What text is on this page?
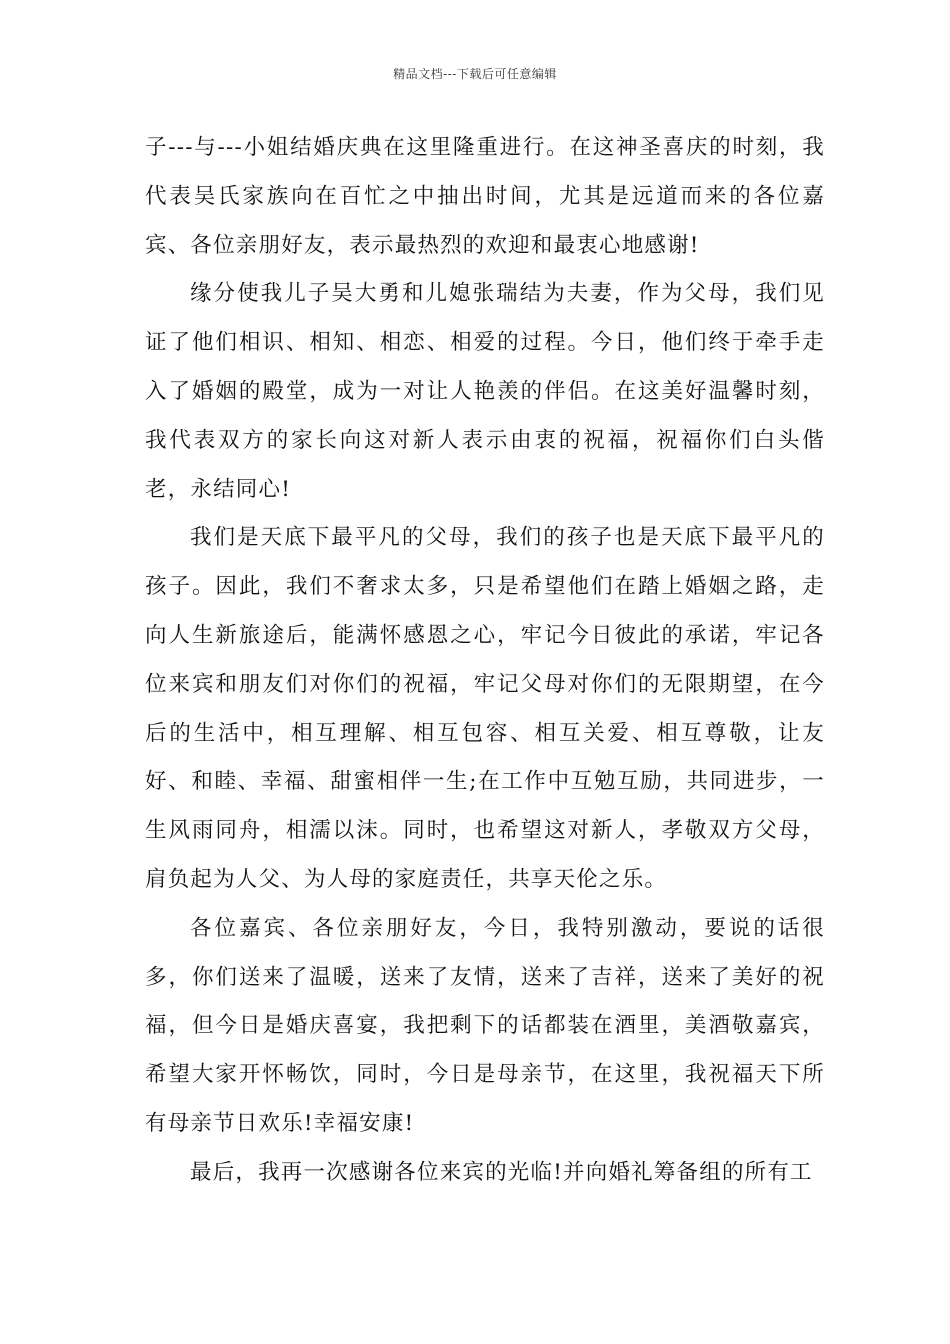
精品文档---下载后可任意编辑

子---与---小姐结婚庆典在这里隆重进行。在这神圣喜庆的时刻，我代表吴氏家族向在百忙之中抽出时间，尤其是远道而来的各位嘉宾、各位亲朋好友，表示最热烈的欢迎和最衷心地感谢!

缘分使我儿子吴大勇和儿媳张瑞结为夫妻，作为父母，我们见证了他们相识、相知、相恋、相爱的过程。今日，他们终于牵手走入了婚姻的殿堂，成为一对让人艳羡的伴侣。在这美好温馨时刻，我代表双方的家长向这对新人表示由衷的祝福，祝福你们白头偕老，永结同心!

我们是天底下最平凡的父母，我们的孩子也是天底下最平凡的孩子。因此，我们不奢求太多，只是希望他们在踏上婚姻之路，走向人生新旅途后，能满怀感恩之心，牢记今日彼此的承诺，牢记各位来宾和朋友们对你们的祝福，牢记父母对你们的无限期望，在今后的生活中，相互理解、相互包容、相互关爱、相互尊敬，让友好、和睦、幸福、甜蜜相伴一生;在工作中互勉互励，共同进步，一生风雨同舟，相濡以沫。同时，也希望这对新人，孝敬双方父母，肩负起为人父、为人母的家庭责任，共享天伦之乐。

各位嘉宾、各位亲朋好友，今日，我特别激动，要说的话很多，你们送来了温暖，送来了友情，送来了吉祥，送来了美好的祝福，但今日是婚庆喜宴，我把剩下的话都装在酒里，美酒敬嘉宾，希望大家开怀畅饮，同时，今日是母亲节，在这里，我祝福天下所有母亲节日欢乐!幸福安康!

最后，我再一次感谢各位来宾的光临!并向婚礼筹备组的所有工
